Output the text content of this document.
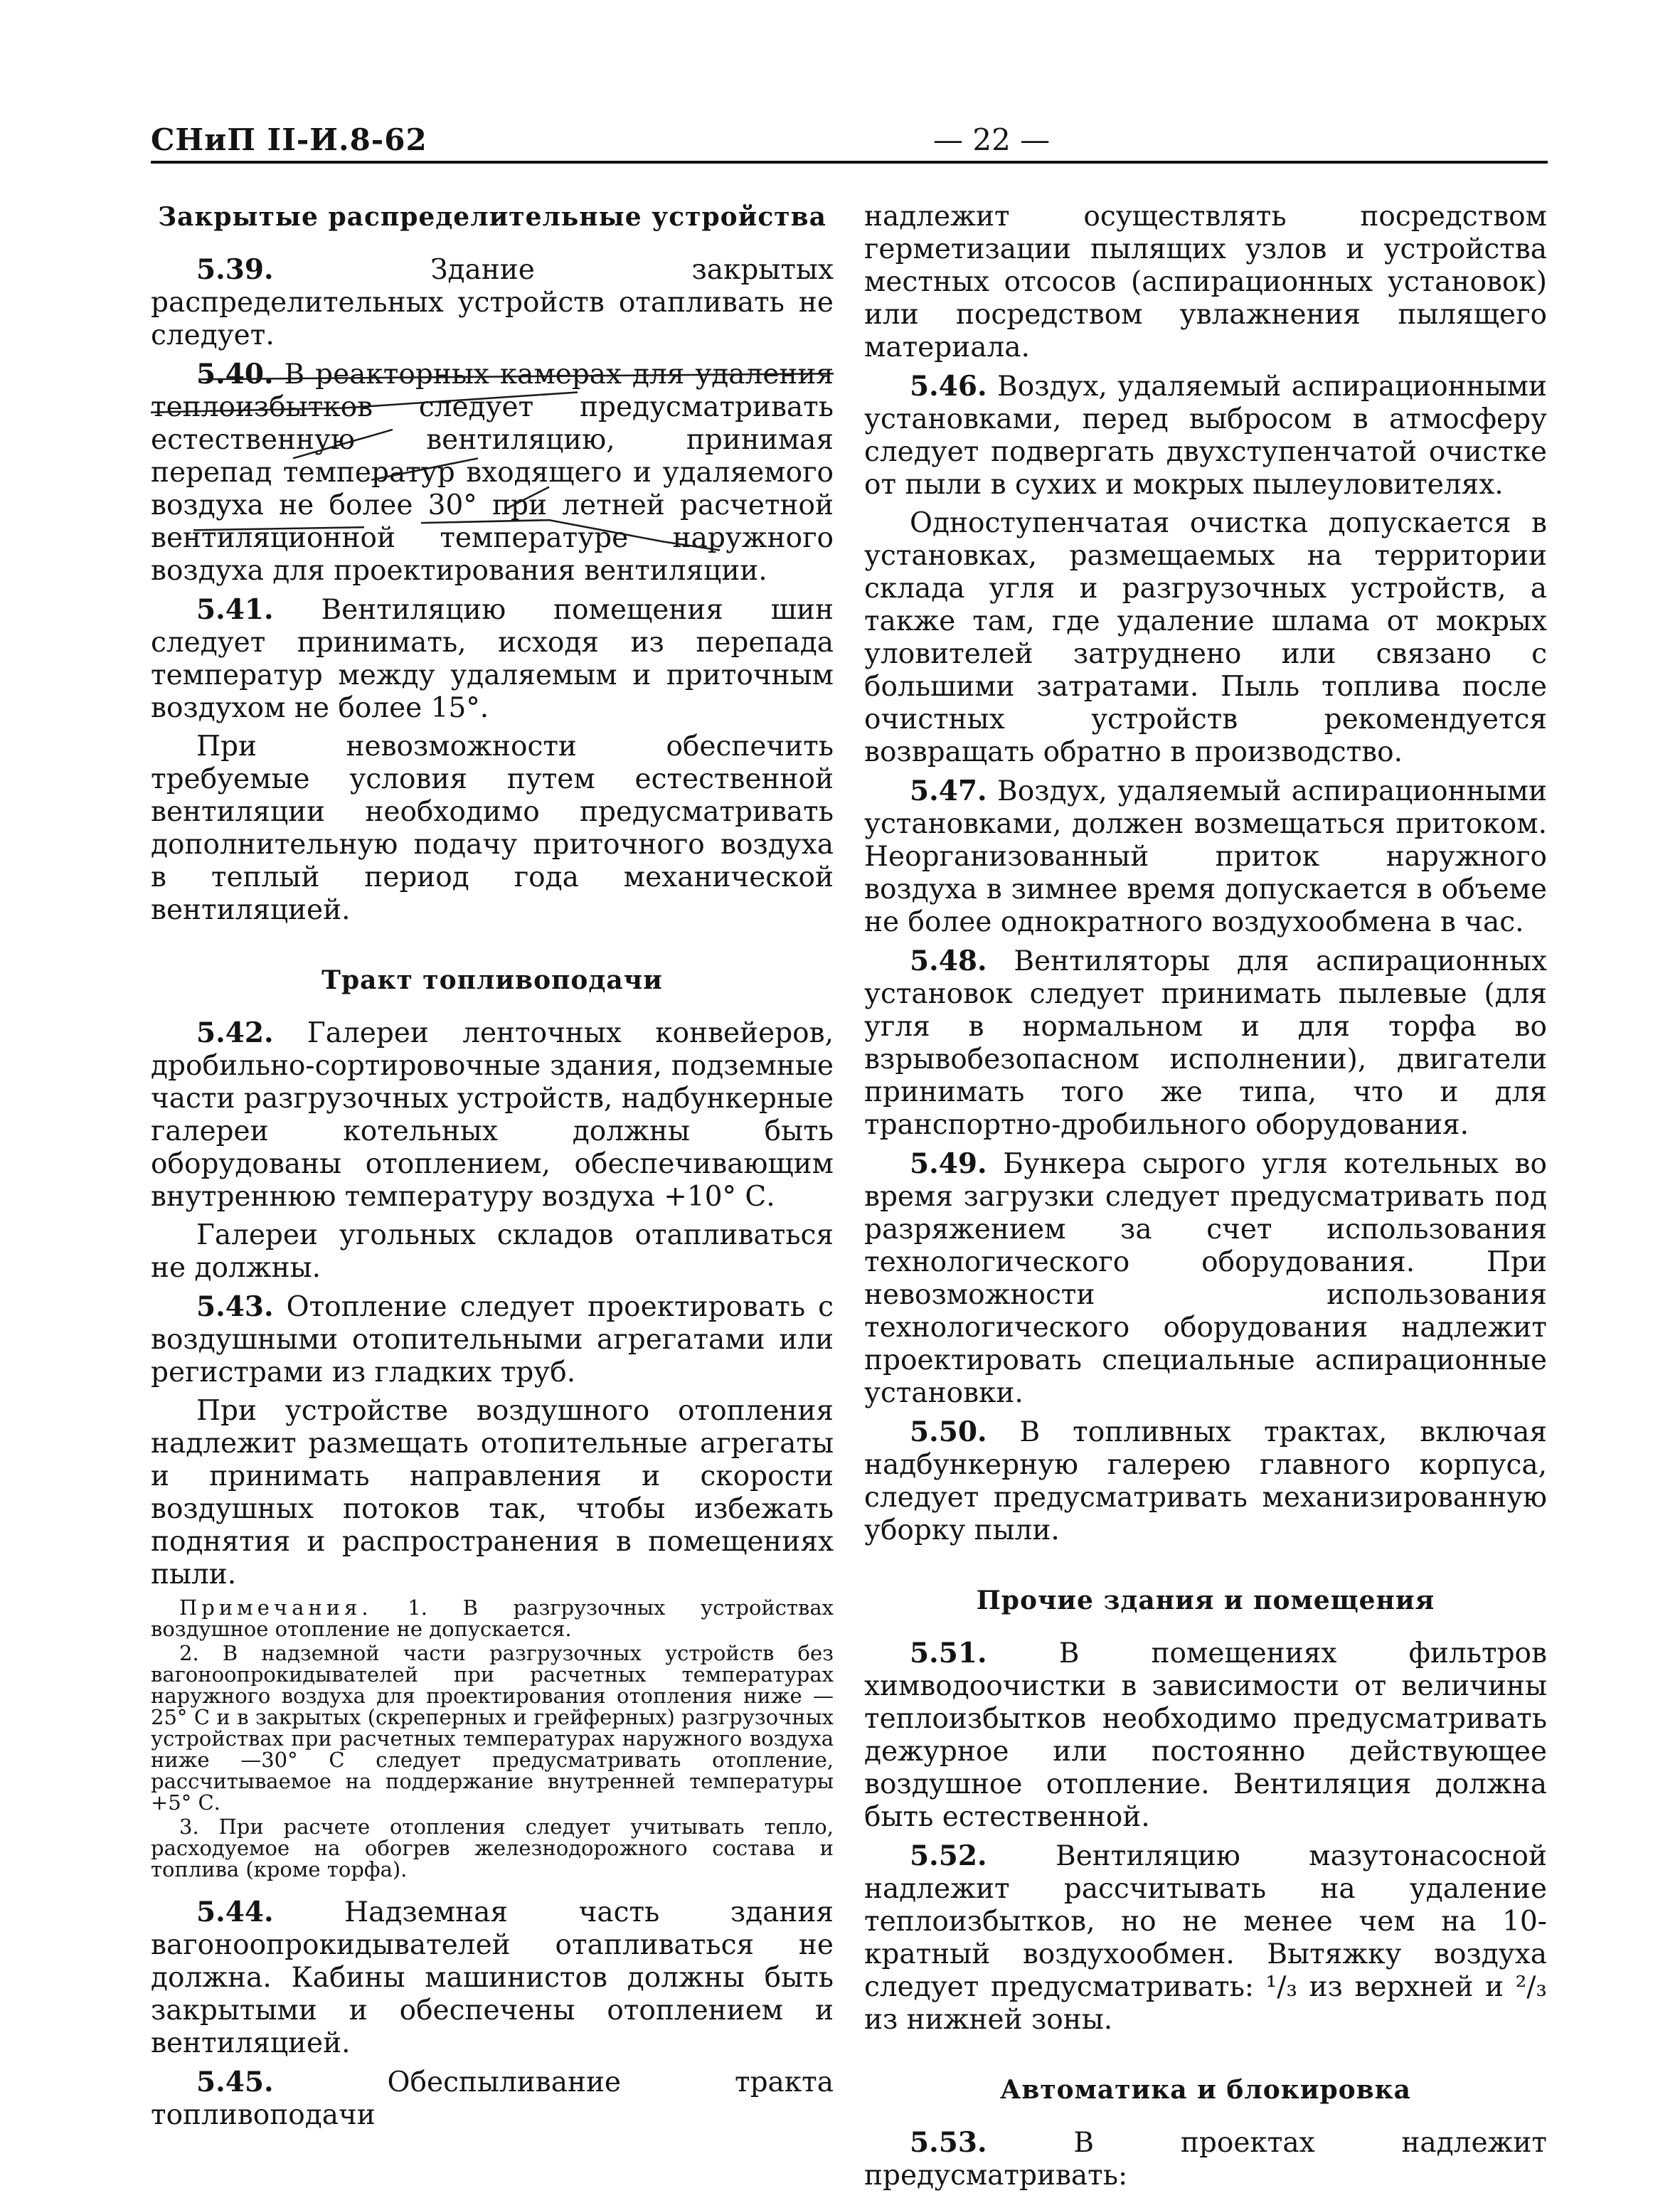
СНиП II-И.8-62	— 22 —
Закрытые распределительные устройства

5.39. Здание закрытых распределительных устройств отапливать не следует.

5.40. В реакторных камерах для удаления теплоизбытков следует предусматривать естественную вентиляцию, принимая перепад температур входящего и удаляемого воздуха не более 30° при летней расчетной вентиляционной температуре наружного воздуха для проектирования вентиляции.

5.41. Вентиляцию помещения шин следует принимать, исходя из перепада температур между удаляемым и приточным воздухом не более 15°.

При невозможности обеспечить требуемые условия путем естественной вентиляции необходимо предусматривать дополнительную подачу приточного воздуха в теплый период года механической вентиляцией.

Тракт топливоподачи

5.42. Галереи ленточных конвейеров, дробильно-сортировочные здания, подземные части разгрузочных устройств, надбункерные галереи котельных должны быть оборудованы отоплением, обеспечивающим внутреннюю температуру воздуха +10° С.

Галереи угольных складов отапливаться не должны.

5.43. Отопление следует проектировать с воздушными отопительными агрегатами или регистрами из гладких труб.

При устройстве воздушного отопления надлежит размещать отопительные агрегаты и принимать направления и скорости воздушных потоков так, чтобы избежать поднятия и распространения в помещениях пыли.

Примечания. 1. В разгрузочных устройствах воздушное отопление не допускается.

2. В надземной части разгрузочных устройств без вагоноопрокидывателей при расчетных температурах наружного воздуха для проектирования отопления ниже —25° С и в закрытых (скреперных и грейферных) разгрузочных устройствах при расчетных температурах наружного воздуха ниже —30° С следует предусматривать отопление, рассчитываемое на поддержание внутренней температуры +5° С.

3. При расчете отопления следует учитывать тепло, расходуемое на обогрев железнодорожного состава и топлива (кроме торфа).

5.44. Надземная часть здания вагоноопрокидывателей отапливаться не должна. Кабины машинистов должны быть закрытыми и обеспечены отоплением и вентиляцией.

5.45. Обеспыливание тракта топливоподачи

надлежит осуществлять посредством герметизации пылящих узлов и устройства местных отсосов (аспирационных установок) или посредством увлажнения пылящего материала.

5.46. Воздух, удаляемый аспирационными установками, перед выбросом в атмосферу следует подвергать двухступенчатой очистке от пыли в сухих и мокрых пылеуловителях.

Одноступенчатая очистка допускается в установках, размещаемых на территории склада угля и разгрузочных устройств, а также там, где удаление шлама от мокрых уловителей затруднено или связано с большими затратами. Пыль топлива после очистных устройств рекомендуется возвращать обратно в производство.

5.47. Воздух, удаляемый аспирационными установками, должен возмещаться притоком. Неорганизованный приток наружного воздуха в зимнее время допускается в объеме не более однократного воздухообмена в час.

5.48. Вентиляторы для аспирационных установок следует принимать пылевые (для угля в нормальном и для торфа во взрывобезопасном исполнении), двигатели принимать того же типа, что и для транспортно-дробильного оборудования.

5.49. Бункера сырого угля котельных во время загрузки следует предусматривать под разряжением за счет использования технологического оборудования. При невозможности использования технологического оборудования надлежит проектировать специальные аспирационные установки.

5.50. В топливных трактах, включая надбункерную галерею главного корпуса, следует предусматривать механизированную уборку пыли.

Прочие здания и помещения

5.51. В помещениях фильтров химводоочистки в зависимости от величины теплоизбытков необходимо предусматривать дежурное или постоянно действующее воздушное отопление. Вентиляция должна быть естественной.

5.52. Вентиляцию мазутонасосной надлежит рассчитывать на удаление теплоизбытков, но не менее чем на 10-кратный воздухообмен. Вытяжку воздуха следует предусматривать: ¹/₃ из верхней и ²/₃ из нижней зоны.

Автоматика и блокировка

5.53. В проектах надлежит предусматривать:
